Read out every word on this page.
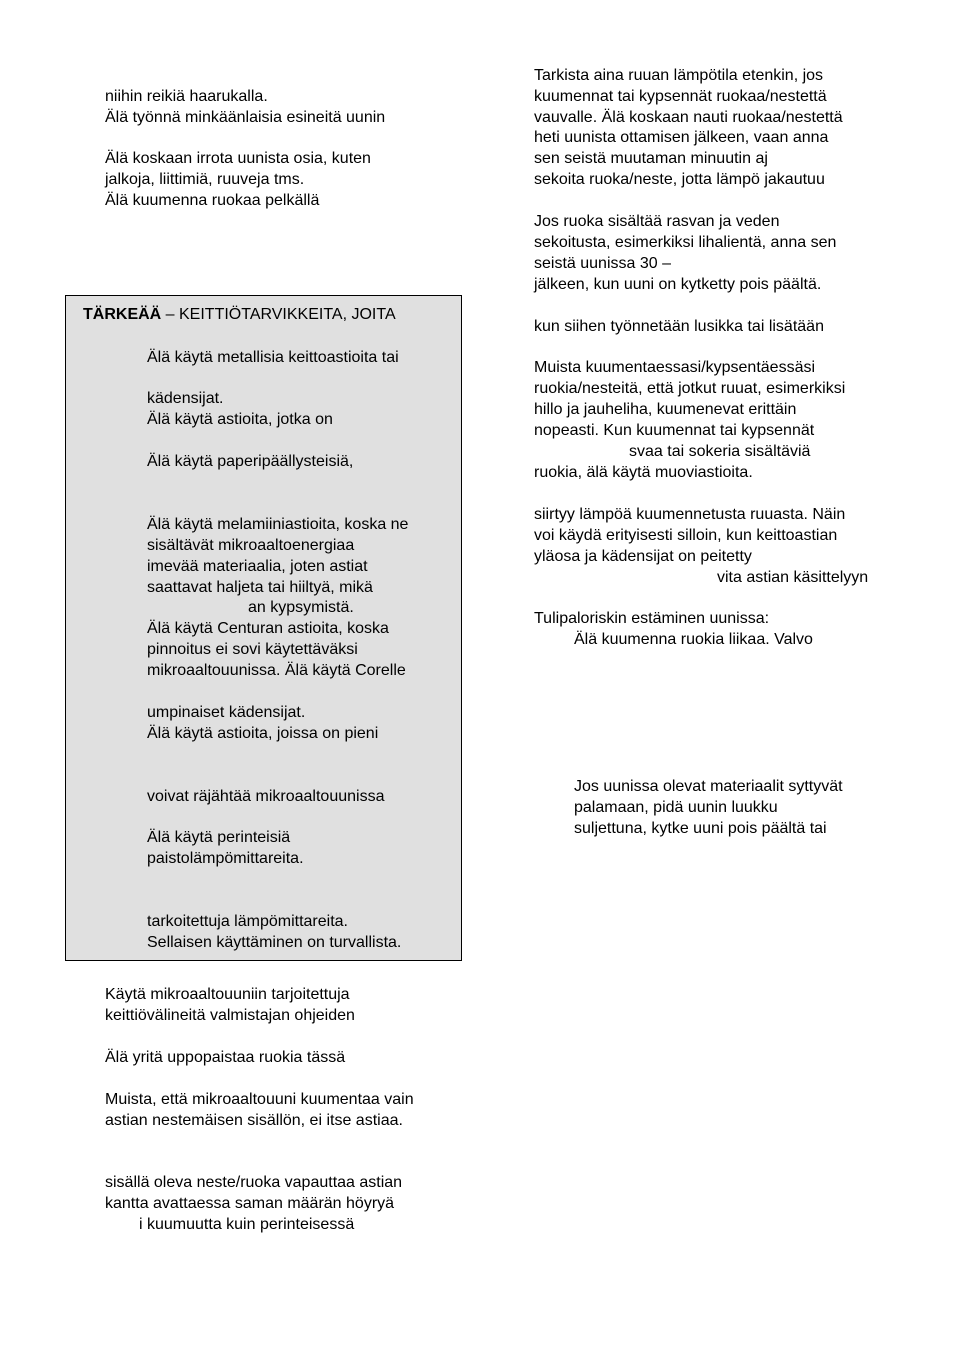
niihin reikiä haarukalla.
Älä työnnä minkäänlaisia esineitä uunin
Älä koskaan irrota uunista osia, kuten
jalkoja, liittimiä, ruuveja tms.
Älä kuumenna ruokaa pelkällä
TÄRKEÄÄ – KEITTIÖTARVIKKEITA, JOITA
Älä käytä metallisia keittoastioita tai
kädensijat.
Älä käytä astioita, jotka on
Älä käytä paperipäällysteisiä,
Älä käytä melamiiniastioita, koska ne
sisältävät mikroaaltoenergiaa
imevää materiaalia, joten astiat
saattavat haljeta tai hiiltyä, mikä
an kypsymistä.
Älä käytä Centuran astioita, koska
pinnoitus ei sovi käytettäväksi
mikroaaltouunissa. Älä käytä Corelle
umpinaiset kädensijat.
Älä käytä astioita, joissa on pieni
voivat räjähtää mikroaaltouunissa
Älä käytä perinteisiä
paistolämpömittareita.
tarkoitettuja lämpömittareita.
Sellaisen käyttäminen on turvallista.
Käytä mikroaaltouuniin tarjoitettuja
keittiövälineitä valmistajan ohjeiden
Älä yritä uppopaistaa ruokia tässä
Muista, että mikroaaltouuni kuumentaa vain
astian nestemäisen sisällön, ei itse astiaa.
sisällä oleva neste/ruoka vapauttaa astian
kantta avattaessa saman määrän höyryä
i kuumuutta kuin perinteisessä
Tarkista aina ruuan lämpötila etenkin, jos
kuumennat tai kypsennät ruokaa/nestettä
vauvalle. Älä koskaan nauti ruokaa/nestettä
heti uunista ottamisen jälkeen, vaan anna
sen seistä muutaman minuutin aj
sekoita ruoka/neste, jotta lämpö jakautuu
Jos ruoka sisältää rasvan ja veden
sekoitusta, esimerkiksi lihalientä, anna sen
seistä uunissa 30 –
jälkeen, kun uuni on kytketty pois päältä.
kun siihen työnnetään lusikka tai lisätään
Muista kuumentaessasi/kypsentäessäsi
ruokia/nesteitä, että jotkut ruuat, esimerkiksi
hillo ja jauheliha, kuumenevat erittäin
nopeasti. Kun kuumennat tai kypsennät
svaa tai sokeria sisältäviä
ruokia, älä käytä muoviastioita.
siirtyy lämpöä kuumennetusta ruuasta. Näin
voi käydä erityisesti silloin, kun keittoastian
yläosa ja kädensijat on peitetty
vita astian käsittelyyn
Tulipaloriskin estäminen uunissa:
Älä kuumenna ruokia liikaa. Valvo
Jos uunissa olevat materiaalit syttyvät
palamaan, pidä uunin luukku
suljettuna, kytke uuni pois päältä tai
